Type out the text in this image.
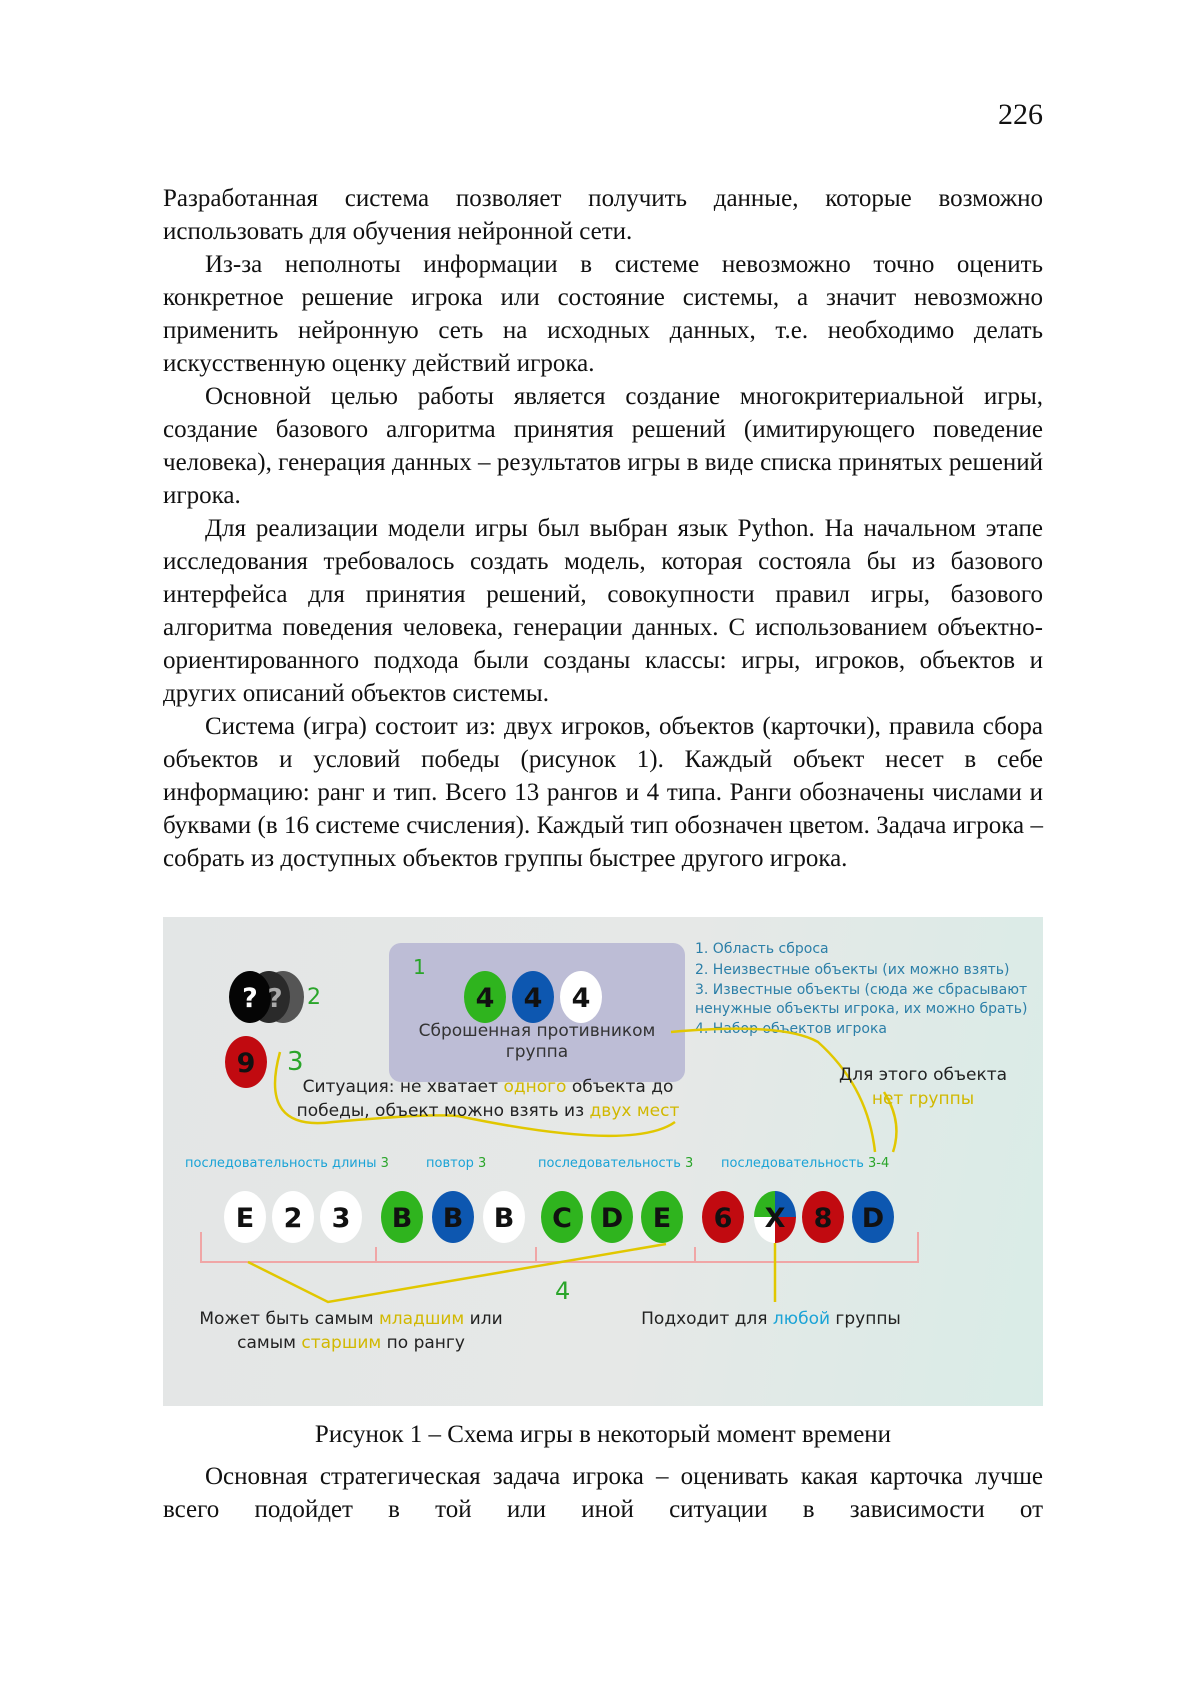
226

Разработанная система позволяет получить данные, которые возможно использовать для обучения нейронной сети.

Из-за неполноты информации в системе невозможно точно оценить конкретное решение игрока или состояние системы, а значит невозможно применить нейронную сеть на исходных данных, т.е. необходимо делать искусственную оценку действий игрока.

Основной целью работы является создание многокритериальной игры, создание базового алгоритма принятия решений (имитирующего поведение человека), генерация данных – результатов игры в виде списка принятых решений игрока.

Для реализации модели игры был выбран язык Python. На начальном этапе исследования требовалось создать модель, которая состояла бы из базового интерфейса для принятия решений, совокупности правил игры, базового алгоритма поведения человека, генерации данных. С использованием объектно-ориентированного подхода были созданы классы: игры, игроков, объектов и других описаний объектов системы.

Система (игра) состоит из: двух игроков, объектов (карточки), правила сбора объектов и условий победы (рисунок 1). Каждый объект несет в себе информацию: ранг и тип. Всего 13 рангов и 4 типа. Ранги обозначены числами и буквами (в 16 системе счисления). Каждый тип обозначен цветом. Задача игрока – собрать из доступных объектов группы быстрее другого игрока.

1
4 4 4
Сброшенная противником
группа
1. Область сброса
2. Неизвестные объекты (их можно взять)
3. Известные объекты (сюда же сбрасывают
ненужные объекты игрока, их можно брать)
4. Набор объектов игрока
?
? 2
9 3
Ситуация: не хватает одного объекта до
победы, объект можно взять из двух мест
Для этого объекта
нет группы
последовательность длины 3	повтор 3	последовательность 3 последовательность 3-4
E 2 3 B B B C D E 6 X 8 D
4
Может быть самым младшим или
самым старшим по рангу
Подходит для любой группы
Рисунок 1 – Схема игры в некоторый момент времени

Основная стратегическая задача игрока – оценивать какая карточка лучше всего подойдет в той или иной ситуации в зависимости от
